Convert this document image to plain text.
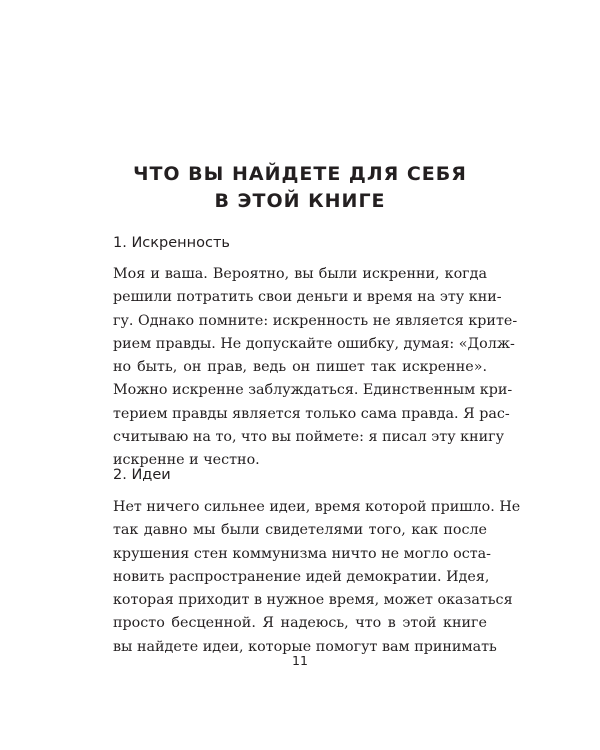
ЧТО ВЫ НАЙДЕТЕ ДЛЯ СЕБЯ
В ЭТОЙ КНИГЕ
1. Искренность
Моя и ваша. Вероятно, вы были искренни, когда
решили потратить свои деньги и время на эту кни-
гу. Однако помните: искренность не является крите-
рием правды. Не допускайте ошибку, думая: «Долж-
но быть, он прав, ведь он пишет так искренне».
Можно искренне заблуждаться. Единственным кри-
терием правды является только сама правда. Я рас-
считываю на то, что вы поймете: я писал эту книгу
искренне и честно.
2. Идеи
Нет ничего сильнее идеи, время которой пришло. Не
так давно мы были свидетелями того, как после
крушения стен коммунизма ничто не могло оста-
новить распространение идей демократии. Идея,
которая приходит в нужное время, может оказаться
просто бесценной. Я надеюсь, что в этой книге
вы найдете идеи, которые помогут вам принимать
11
